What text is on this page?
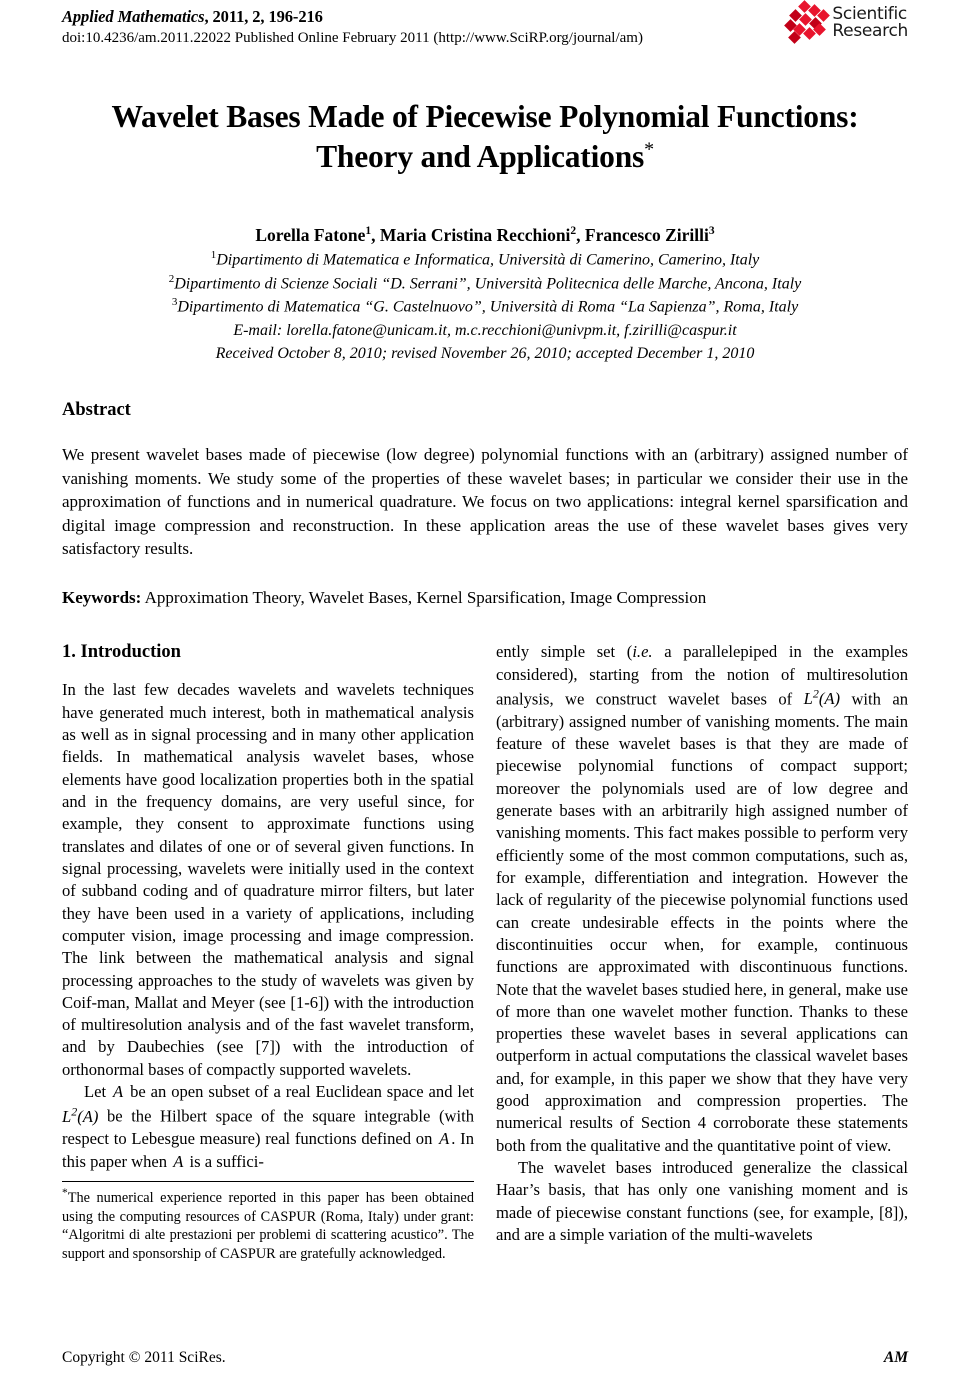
Applied Mathematics, 2011, 2, 196-216
doi:10.4236/am.2011.22022 Published Online February 2011 (http://www.SciRP.org/journal/am)
Scientific
Research
Wavelet Bases Made of Piecewise Polynomial Functions:
Theory and Applications*
Lorella Fatone$^1$, Maria Cristina Recchioni$^2$, Francesco Zirilli$^3$
$^1$Dipartimento di Matematica e Informatica, Università di Camerino, Camerino, Italy
$^2$Dipartimento di Scienze Sociali “D. Serrani”, Università Politecnica delle Marche, Ancona, Italy
$^3$Dipartimento di Matematica “G. Castelnuovo”, Università di Roma “La Sapienza”, Roma, Italy
E-mail: lorella.fatone@unicam.it, m.c.recchioni@univpm.it, f.zirilli@caspur.it
Received October 8, 2010; revised November 26, 2010; accepted December 1, 2010
Abstract

We present wavelet bases made of piecewise (low degree) polynomial functions with an (arbitrary) assigned number of vanishing moments. We study some of the properties of these wavelet bases; in particular we consider their use in the approximation of functions and in numerical quadrature. We focus on two applications: integral kernel sparsification and digital image compression and reconstruction. In these application areas the use of these wavelet bases gives very satisfactory results.

Keywords: Approximation Theory, Wavelet Bases, Kernel Sparsification, Image Compression

1. Introduction

In the last few decades wavelets and wavelets techniques have generated much interest, both in mathematical analysis as well as in signal processing and in many other application fields. In mathematical analysis wavelet bases, whose elements have good localization properties both in the spatial and in the frequency domains, are very useful since, for example, they consent to approximate functions using translates and dilates of one or of several given functions. In signal processing, wavelets were initially used in the context of subband coding and of quadrature mirror filters, but later they have been used in a variety of applications, including computer vision, image processing and image compression. The link between the mathematical analysis and signal processing approaches to the study of wavelets was given by Coif-man, Mallat and Meyer (see [1-6]) with the introduction of multiresolution analysis and of the fast wavelet transform, and by Daubechies (see [7]) with the introduction of orthonormal bases of compactly supported wavelets.

Let A be an open subset of a real Euclidean space and let $L^2(A)$ be the Hilbert space of the square integrable (with respect to Lebesgue measure) real functions defined on A . In this paper when A is a suffici-

*The numerical experience reported in this paper has been obtained using the computing resources of CASPUR (Roma, Italy) under grant: “Algoritmi di alte prestazioni per problemi di scattering acustico”. The support and sponsorship of CASPUR are gratefully acknowledged.

ently simple set (i.e. a parallelepiped in the examples considered), starting from the notion of multiresolution analysis, we construct wavelet bases of $L^2(A)$ with an (arbitrary) assigned number of vanishing moments. The main feature of these wavelet bases is that they are made of piecewise polynomial functions of compact support; moreover the polynomials used are of low degree and generate bases with an arbitrarily high assigned number of vanishing moments. This fact makes possible to perform very efficiently some of the most common computations, such as, for example, differentiation and integration. However the lack of regularity of the piecewise polynomial functions used can create undesirable effects in the points where the discontinuities occur when, for example, continuous functions are approximated with discontinuous functions. Note that the wavelet bases studied here, in general, make use of more than one wavelet mother function. Thanks to these properties these wavelet bases in several applications can outperform in actual computations the classical wavelet bases and, for example, in this paper we show that they have very good approximation and compression properties. The numerical results of Section 4 corroborate these statements both from the qualitative and the quantitative point of view.

The wavelet bases introduced generalize the classical Haar’s basis, that has only one vanishing moment and is made of piecewise constant functions (see, for example, [8]), and are a simple variation of the multi-wavelets

Copyright © 2011 SciRes.	AM
